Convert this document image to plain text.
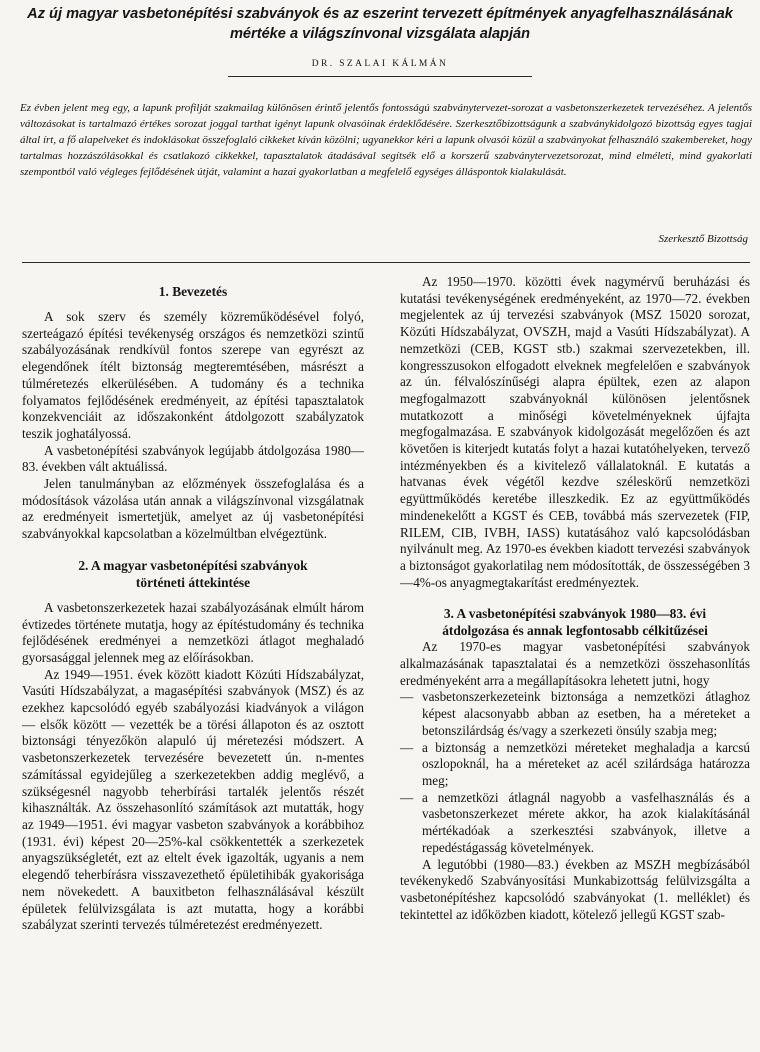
Az új magyar vasbetonépítési szabványok és az eszerint tervezett építmények anyagfelhasználásának mértéke a világszínvonal vizsgálata alapján
DR. SZALAI KÁLMÁN
Ez évben jelent meg egy, a lapunk profilját szakmailag különösen érintő jelentős fontosságú szabványtervezet-sorozat a vasbetonszerkezetek tervezéséhez. A jelentős változásokat is tartalmazó értékes sorozat joggal tarthat igényt lapunk olvasóinak érdeklődésére. Szerkesztőbizottságunk a szabványkidolgozó bizottság egyes tagjai által írt, a fő alapelveket és indoklásokat összefoglaló cikkeket kíván közölni; ugyanekkor kéri a lapunk olvasói közül a szabványokat felhasználó szakembereket, hogy tartalmas hozzászólásokkal és csatlakozó cikkekkel, tapasztalatok átadásával segítsék elő a korszerű szabványtervezetsorozat, mind elméleti, mind gyakorlati szempontból való végleges fejlődésének útját, valamint a hazai gyakorlatban a megfelelő egységes álláspontok kialakulását.
Szerkesztő Bizottság
1. Bevezetés

A sok szerv és személy közreműködésével folyó, szerteágazó építési tevékenység országos és nemzetközi szintű szabályozásának rendkívül fontos szerepe van egyrészt az elegendőnek ítélt biztonság megteremtésében, másrészt a túlméretezés elkerülésében. A tudomány és a technika folyamatos fejlődésének eredményeit, az építési tapasztalatok konzekvenciáit az időszakonként átdolgozott szabályzatok teszik joghatályossá.

A vasbetonépítési szabványok legújabb átdolgozása 1980—83. években vált aktuálissá.

Jelen tanulmányban az előzmények összefoglalása és a módosítások vázolása után annak a világszínvonal vizsgálatnak az eredményeit ismertetjük, amelyet az új vasbetonépítési szabványokkal kapcsolatban a közelmúltban elvégeztünk.

2. A magyar vasbetonépítési szabványok
történeti áttekintése

A vasbetonszerkezetek hazai szabályozásának elmúlt három évtizedes története mutatja, hogy az építéstudomány és technika fejlődésének eredményei a nemzetközi átlagot meghaladó gyorsasággal jelennek meg az előírásokban.

Az 1949—1951. évek között kiadott Közúti Hídszabályzat, Vasúti Hídszabályzat, a magasépítési szabványok (MSZ) és az ezekhez kapcsolódó egyéb szabályozási kiadványok a világon — elsők között — vezették be a törési állapoton és az osztott biztonsági tényezőkön alapuló új méretezési módszert. A vasbetonszerkezetek tervezésére bevezetett ún. n-mentes számítással egyidejűleg a szerkezetekben addig meglévő, a szükségesnél nagyobb teherbírási tartalék jelentős részét kihasználták. Az összehasonlító számítások azt mutatták, hogy az 1949—1951. évi magyar vasbeton szabványok a korábbihoz (1931. évi) képest 20—25%-kal csökkentették a szerkezetek anyagszükségletét, ezt az eltelt évek igazolták, ugyanis a nem elegendő teherbírásra visszavezethető épületihibák gyakorisága nem növekedett. A bauxitbeton felhasználásával készült épületek felülvizsgálata is azt mutatta, hogy a korábbi szabályzat szerinti tervezés túlméretezést eredményezett.

Az 1950—1970. közötti évek nagymérvű beruházási és kutatási tevékenységének eredményeként, az 1970—72. években megjelentek az új tervezési szabványok (MSZ 15020 sorozat, Közúti Hídszabályzat, OVSZH, majd a Vasúti Hídszabályzat). A nemzetközi (CEB, KGST stb.) szakmai szervezetekben, ill. kongresszusokon elfogadott elveknek megfelelően e szabványok az ún. félvalószínűségi alapra épültek, ezen az alapon megfogalmazott szabványoknál különösen jelentősnek mutatkozott a minőségi követelményeknek újfajta megfogalmazása. E szabványok kidolgozását megelőzően és azt követően is kiterjedt kutatás folyt a hazai kutatóhelyeken, tervező intézményekben és a kivitelező vállalatoknál. E kutatás a hatvanas évek végétől kezdve széleskörű nemzetközi együttműködés keretébe illeszkedik. Ez az együttműködés mindenekelőtt a KGST és CEB, továbbá más szervezetek (FIP, RILEM, CIB, IVBH, IASS) kutatásához való kapcsolódásban nyilvánult meg. Az 1970-es években kiadott tervezési szabványok a biztonságot gyakorlatilag nem módosították, de összességében 3—4%-os anyagmegtakarítást eredményeztek.

3. A vasbetonépítési szabványok 1980—83. évi
átdolgozása és annak legfontosabb célkitűzései

Az 1970-es magyar vasbetonépítési szabványok alkalmazásának tapasztalatai és a nemzetközi összehasonlítás eredményeként arra a megállapításokra lehetett jutni, hogy

— vasbetonszerkezeteink biztonsága a nemzetközi átlaghoz képest alacsonyabb abban az esetben, ha a méreteket a betonszilárdság és/vagy a szerkezeti önsúly szabja meg;
— a biztonság a nemzetközi méreteket meghaladja a karcsú oszlopoknál, ha a méreteket az acél szilárdsága határozza meg;
— a nemzetközi átlagnál nagyobb a vasfelhasználás és a vasbetonszerkezet mérete akkor, ha azok kialakításánál mértékadóak a szerkesztési szabványok, illetve a repedéstágasság követelmények.

A legutóbbi (1980—83.) években az MSZH megbízásából tevékenykedő Szabványosítási Munkabizottság felülvizsgálta a vasbetonépítéshez kapcsolódó szabványokat (1. melléklet) és tekintettel az időközben kiadott, kötelező jellegű KGST szab-
